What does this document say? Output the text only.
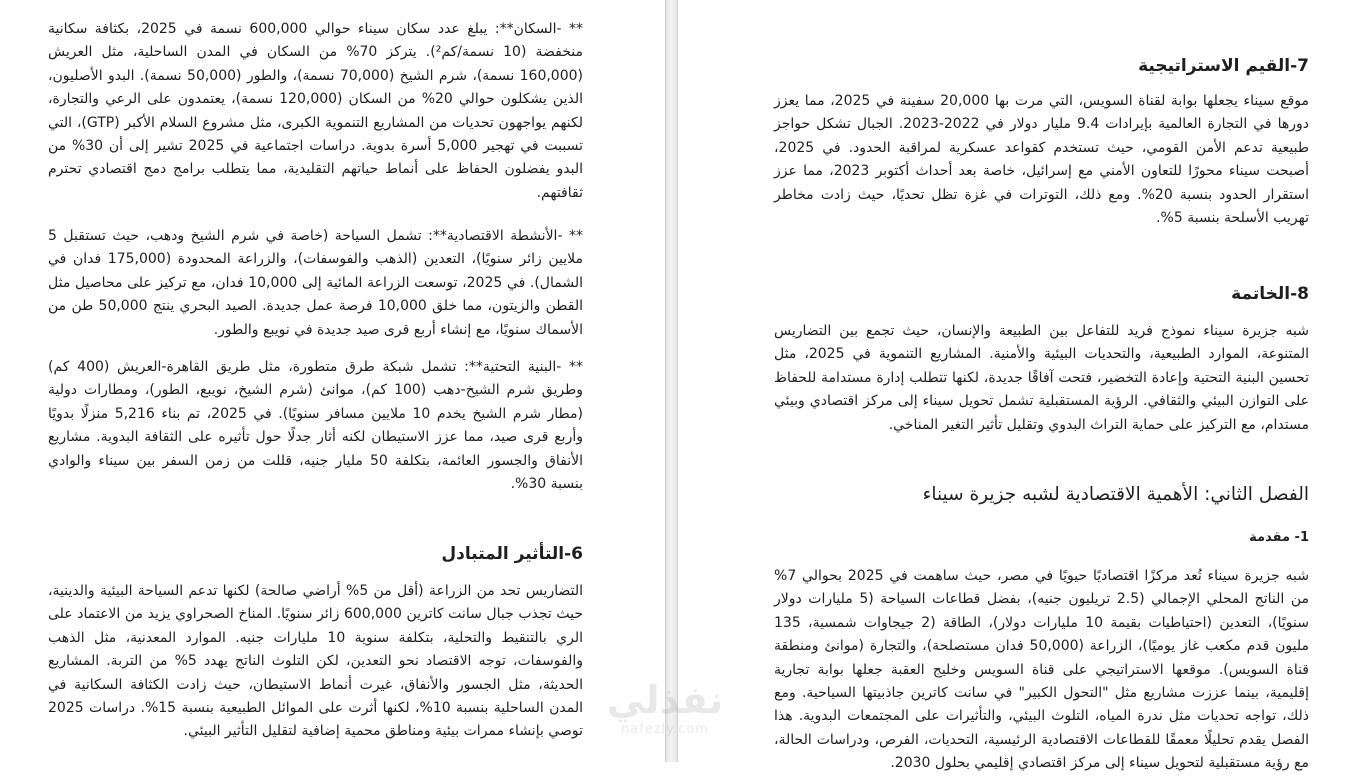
** -السكان**: يبلغ عدد سكان سيناء حوالي 600,000 نسمة في 2025، بكثافة سكانية منخفضة (10 نسمة/كم²). يتركز 70% من السكان في المدن الساحلية، مثل العريش (160,000 نسمة)، شرم الشيخ (70,000 نسمة)، والطور (50,000 نسمة). البدو الأصليون، الذين يشكلون حوالي 20% من السكان (120,000 نسمة)، يعتمدون على الرعي والتجارة، لكنهم يواجهون تحديات من المشاريع التنموية الكبرى، مثل مشروع السلام الأكبر (GTP)، التي تسببت في تهجير 5,000 أسرة بدوية. دراسات اجتماعية في 2025 تشير إلى أن 30% من البدو يفضلون الحفاظ على أنماط حياتهم التقليدية، مما يتطلب برامج دمج اقتصادي تحترم ثقافتهم.

** -الأنشطة الاقتصادية**: تشمل السياحة (خاصة في شرم الشيخ ودهب، حيث تستقبل 5 ملايين زائر سنويًا)، التعدين (الذهب والفوسفات)، والزراعة المحدودة (175,000 فدان في الشمال). في 2025، توسعت الزراعة المائية إلى 10,000 فدان، مع تركيز على محاصيل مثل القطن والزيتون، مما خلق 10,000 فرصة عمل جديدة. الصيد البحري ينتج 50,000 طن من الأسماك سنويًا، مع إنشاء أربع قرى صيد جديدة في نويبع والطور.

** -البنية التحتية**: تشمل شبكة طرق متطورة، مثل طريق القاهرة-العريش (400 كم) وطريق شرم الشيخ-دهب (100 كم)، موانئ (شرم الشيخ، نويبع، الطور)، ومطارات دولية (مطار شرم الشيخ يخدم 10 ملايين مسافر سنويًا). في 2025، تم بناء 5,216 منزلًا بدويًا وأربع قرى صيد، مما عزز الاستيطان لكنه أثار جدلًا حول تأثيره على الثقافة البدوية. مشاريع الأنفاق والجسور العائمة، بتكلفة 50 مليار جنيه، قللت من زمن السفر بين سيناء والوادي بنسبة 30%.

6-التأثير المتبادل

التضاريس تحد من الزراعة (أقل من 5% أراضي صالحة) لكنها تدعم السياحة البيئية والدينية، حيث تجذب جبال سانت كاترين 600,000 زائر سنويًا. المناخ الصحراوي يزيد من الاعتماد على الري بالتنقيط والتحلية، بتكلفة سنوية 10 مليارات جنيه. الموارد المعدنية، مثل الذهب والفوسفات، توجه الاقتصاد نحو التعدين، لكن التلوث الناتج يهدد 5% من التربة. المشاريع الحديثة، مثل الجسور والأنفاق، غيرت أنماط الاستيطان، حيث زادت الكثافة السكانية في المدن الساحلية بنسبة 10%، لكنها أثرت على الموائل الطبيعية بنسبة 15%. دراسات 2025 توصي بإنشاء ممرات بيئية ومناطق محمية إضافية لتقليل التأثير البيئي.

7-القيم الاستراتيجية

موقع سيناء يجعلها بوابة لقناة السويس، التي مرت بها 20,000 سفينة في 2025، مما يعزز دورها في التجارة العالمية بإيرادات 9.4 مليار دولار في 2022-2023. الجبال تشكل حواجز طبيعية تدعم الأمن القومي، حيث تستخدم كقواعد عسكرية لمراقبة الحدود. في 2025، أصبحت سيناء محورًا للتعاون الأمني مع إسرائيل، خاصة بعد أحداث أكتوبر 2023، مما عزز استقرار الحدود بنسبة 20%. ومع ذلك، التوترات في غزة تظل تحديًا، حيث زادت مخاطر تهريب الأسلحة بنسبة 5%.

8-الخاتمة

شبه جزيرة سيناء نموذج فريد للتفاعل بين الطبيعة والإنسان، حيث تجمع بين التضاريس المتنوعة، الموارد الطبيعية، والتحديات البيئية والأمنية. المشاريع التنموية في 2025، مثل تحسين البنية التحتية وإعادة التخضير، فتحت آفاقًا جديدة، لكنها تتطلب إدارة مستدامة للحفاظ على التوازن البيئي والثقافي. الرؤية المستقبلية تشمل تحويل سيناء إلى مركز اقتصادي وبيئي مستدام، مع التركيز على حماية التراث البدوي وتقليل تأثير التغير المناخي.

الفصل الثاني: الأهمية الاقتصادية لشبه جزيرة سيناء
1- مقدمة

شبه جزيرة سيناء تُعد مركزًا اقتصاديًا حيويًا في مصر، حيث ساهمت في 2025 بحوالي 7% من الناتج المحلي الإجمالي (2.5 تريليون جنيه)، بفضل قطاعات السياحة (5 مليارات دولار سنويًا)، التعدين (احتياطيات بقيمة 10 مليارات دولار)، الطاقة (2 جيجاوات شمسية، 135 مليون قدم مكعب غاز يوميًا)، الزراعة (50,000 فدان مستصلحة)، والتجارة (موانئ ومنطقة قناة السويس). موقعها الاستراتيجي على قناة السويس وخليج العقبة جعلها بوابة تجارية إقليمية، بينما عززت مشاريع مثل "التحول الكبير" في سانت كاترين جاذبيتها السياحية. ومع ذلك، تواجه تحديات مثل ندرة المياه، التلوث البيئي، والتأثيرات على المجتمعات البدوية. هذا الفصل يقدم تحليلًا معمقًا للقطاعات الاقتصادية الرئيسية، التحديات، الفرص، ودراسات الحالة، مع رؤية مستقبلية لتحويل سيناء إلى مركز اقتصادي إقليمي بحلول 2030.

نفذلي
nafezly.com
